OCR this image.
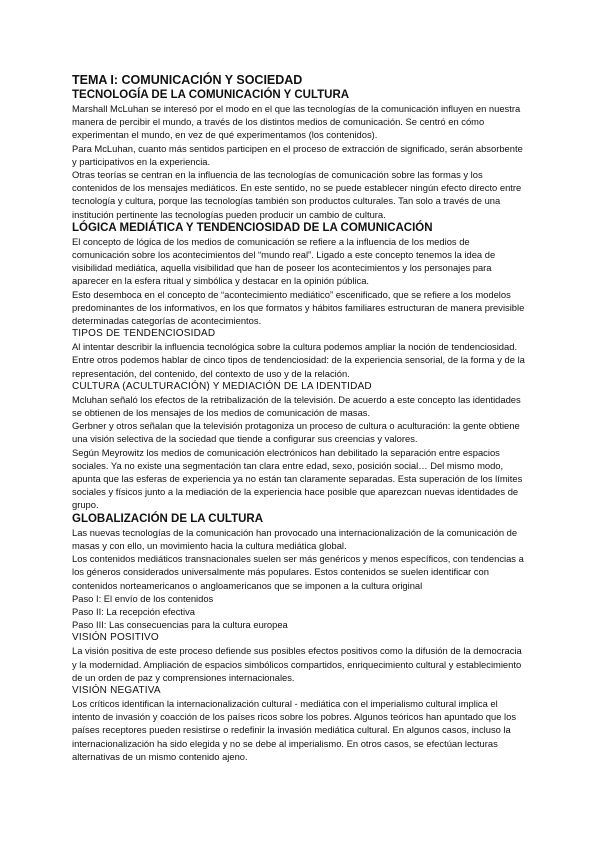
TEMA I: COMUNICACIÓN Y SOCIEDAD
TECNOLOGÍA DE LA COMUNICACIÓN Y CULTURA

Marshall McLuhan se interesó por el modo en el que las tecnologías de la comunicación influyen en nuestra manera de percibir el mundo, a través de los distintos medios de comunicación. Se centró en cómo experimentan el mundo, en vez de qué experimentamos (los contenidos).

Para McLuhan, cuanto más sentidos participen en el proceso de extracción de significado, serán absorbente y participativos en la experiencia.

Otras teorías se centran en la influencia de las tecnologías de comunicación sobre las formas y los contenidos de los mensajes mediáticos. En este sentido, no se puede establecer ningún efecto directo entre tecnología y cultura, porque las tecnologías también son productos culturales. Tan solo a través de una institución pertinente las tecnologías pueden producir un cambio de cultura.

LÓGICA MEDIÁTICA Y TENDENCIOSIDAD DE LA COMUNICACIÓN

El concepto de lógica de los medios de comunicación se refiere a la influencia de los medios de comunicación sobre los acontecimientos del “mundo real”. Ligado a este concepto tenemos la idea de visibilidad mediática, aquella visibilidad que han de poseer los acontecimientos y los personajes para aparecer en la esfera ritual y simbólica y destacar en la opinión pública.

Esto desemboca en el concepto de “acontecimiento mediático” escenificado, que se refiere a los modelos predominantes de los informativos, en los que formatos y hábitos familiares estructuran de manera previsible determinadas categorías de acontecimientos.

TIPOS DE TENDENCIOSIDAD

Al intentar describir la influencia tecnológica sobre la cultura podemos ampliar la noción de tendenciosidad. Entre otros podemos hablar de cinco tipos de tendenciosidad: de la experiencia sensorial, de la forma y de la representación, del contenido, del contexto de uso y de la relación.

CULTURA (ACULTURACIÓN) Y MEDIACIÓN DE LA IDENTIDAD

Mcluhan señaló los efectos de la retribalización de la televisión. De acuerdo a este concepto las identidades se obtienen de los mensajes de los medios de comunicación de masas.

Gerbner y otros señalan que la televisión protagoniza un proceso de cultura o aculturación: la gente obtiene una visión selectiva de la sociedad que tiende a configurar sus creencias y valores.

Según Meyrowitz los medios de comunicación electrónicos han debilitado la separación entre espacios sociales. Ya no existe una segmentación tan clara entre edad, sexo, posición social… Del mismo modo, apunta que las esferas de experiencia ya no están tan claramente separadas. Esta superación de los límites sociales y físicos junto a la mediación de la experiencia hace posible que aparezcan nuevas identidades de grupo.

GLOBALIZACIÓN DE LA CULTURA

Las nuevas tecnologías de la comunicación han provocado una internacionalización de la comunicación de masas y con ello, un movimiento hacia la cultura mediática global.

Los contenidos mediáticos transnacionales suelen ser más genéricos y menos específicos, con tendencias a los géneros considerados universalmente más populares. Estos contenidos se suelen identificar con contenidos norteamericanos o angloamericanos que se imponen a la cultura original

Paso I: El envío de los contenidos

Paso II: La recepción efectiva

Paso III: Las consecuencias para la cultura europea

VISIÓN POSITIVO

La visión positiva de este proceso defiende sus posibles efectos positivos como la difusión de la democracia y la modernidad. Ampliación de espacios simbólicos compartidos, enriquecimiento cultural y establecimiento de un orden de paz y comprensiones internacionales.

VISIÓN NEGATIVA

Los críticos identifican la internacionalización cultural - mediática con el imperialismo cultural implica el intento de invasión y coacción de los países ricos sobre los pobres. Algunos teóricos han apuntado que los países receptores pueden resistirse o redefinir la invasión mediática cultural. En algunos casos, incluso la internacionalización ha sido elegida y no se debe al imperialismo. En otros casos, se efectúan lecturas alternativas de un mismo contenido ajeno.
